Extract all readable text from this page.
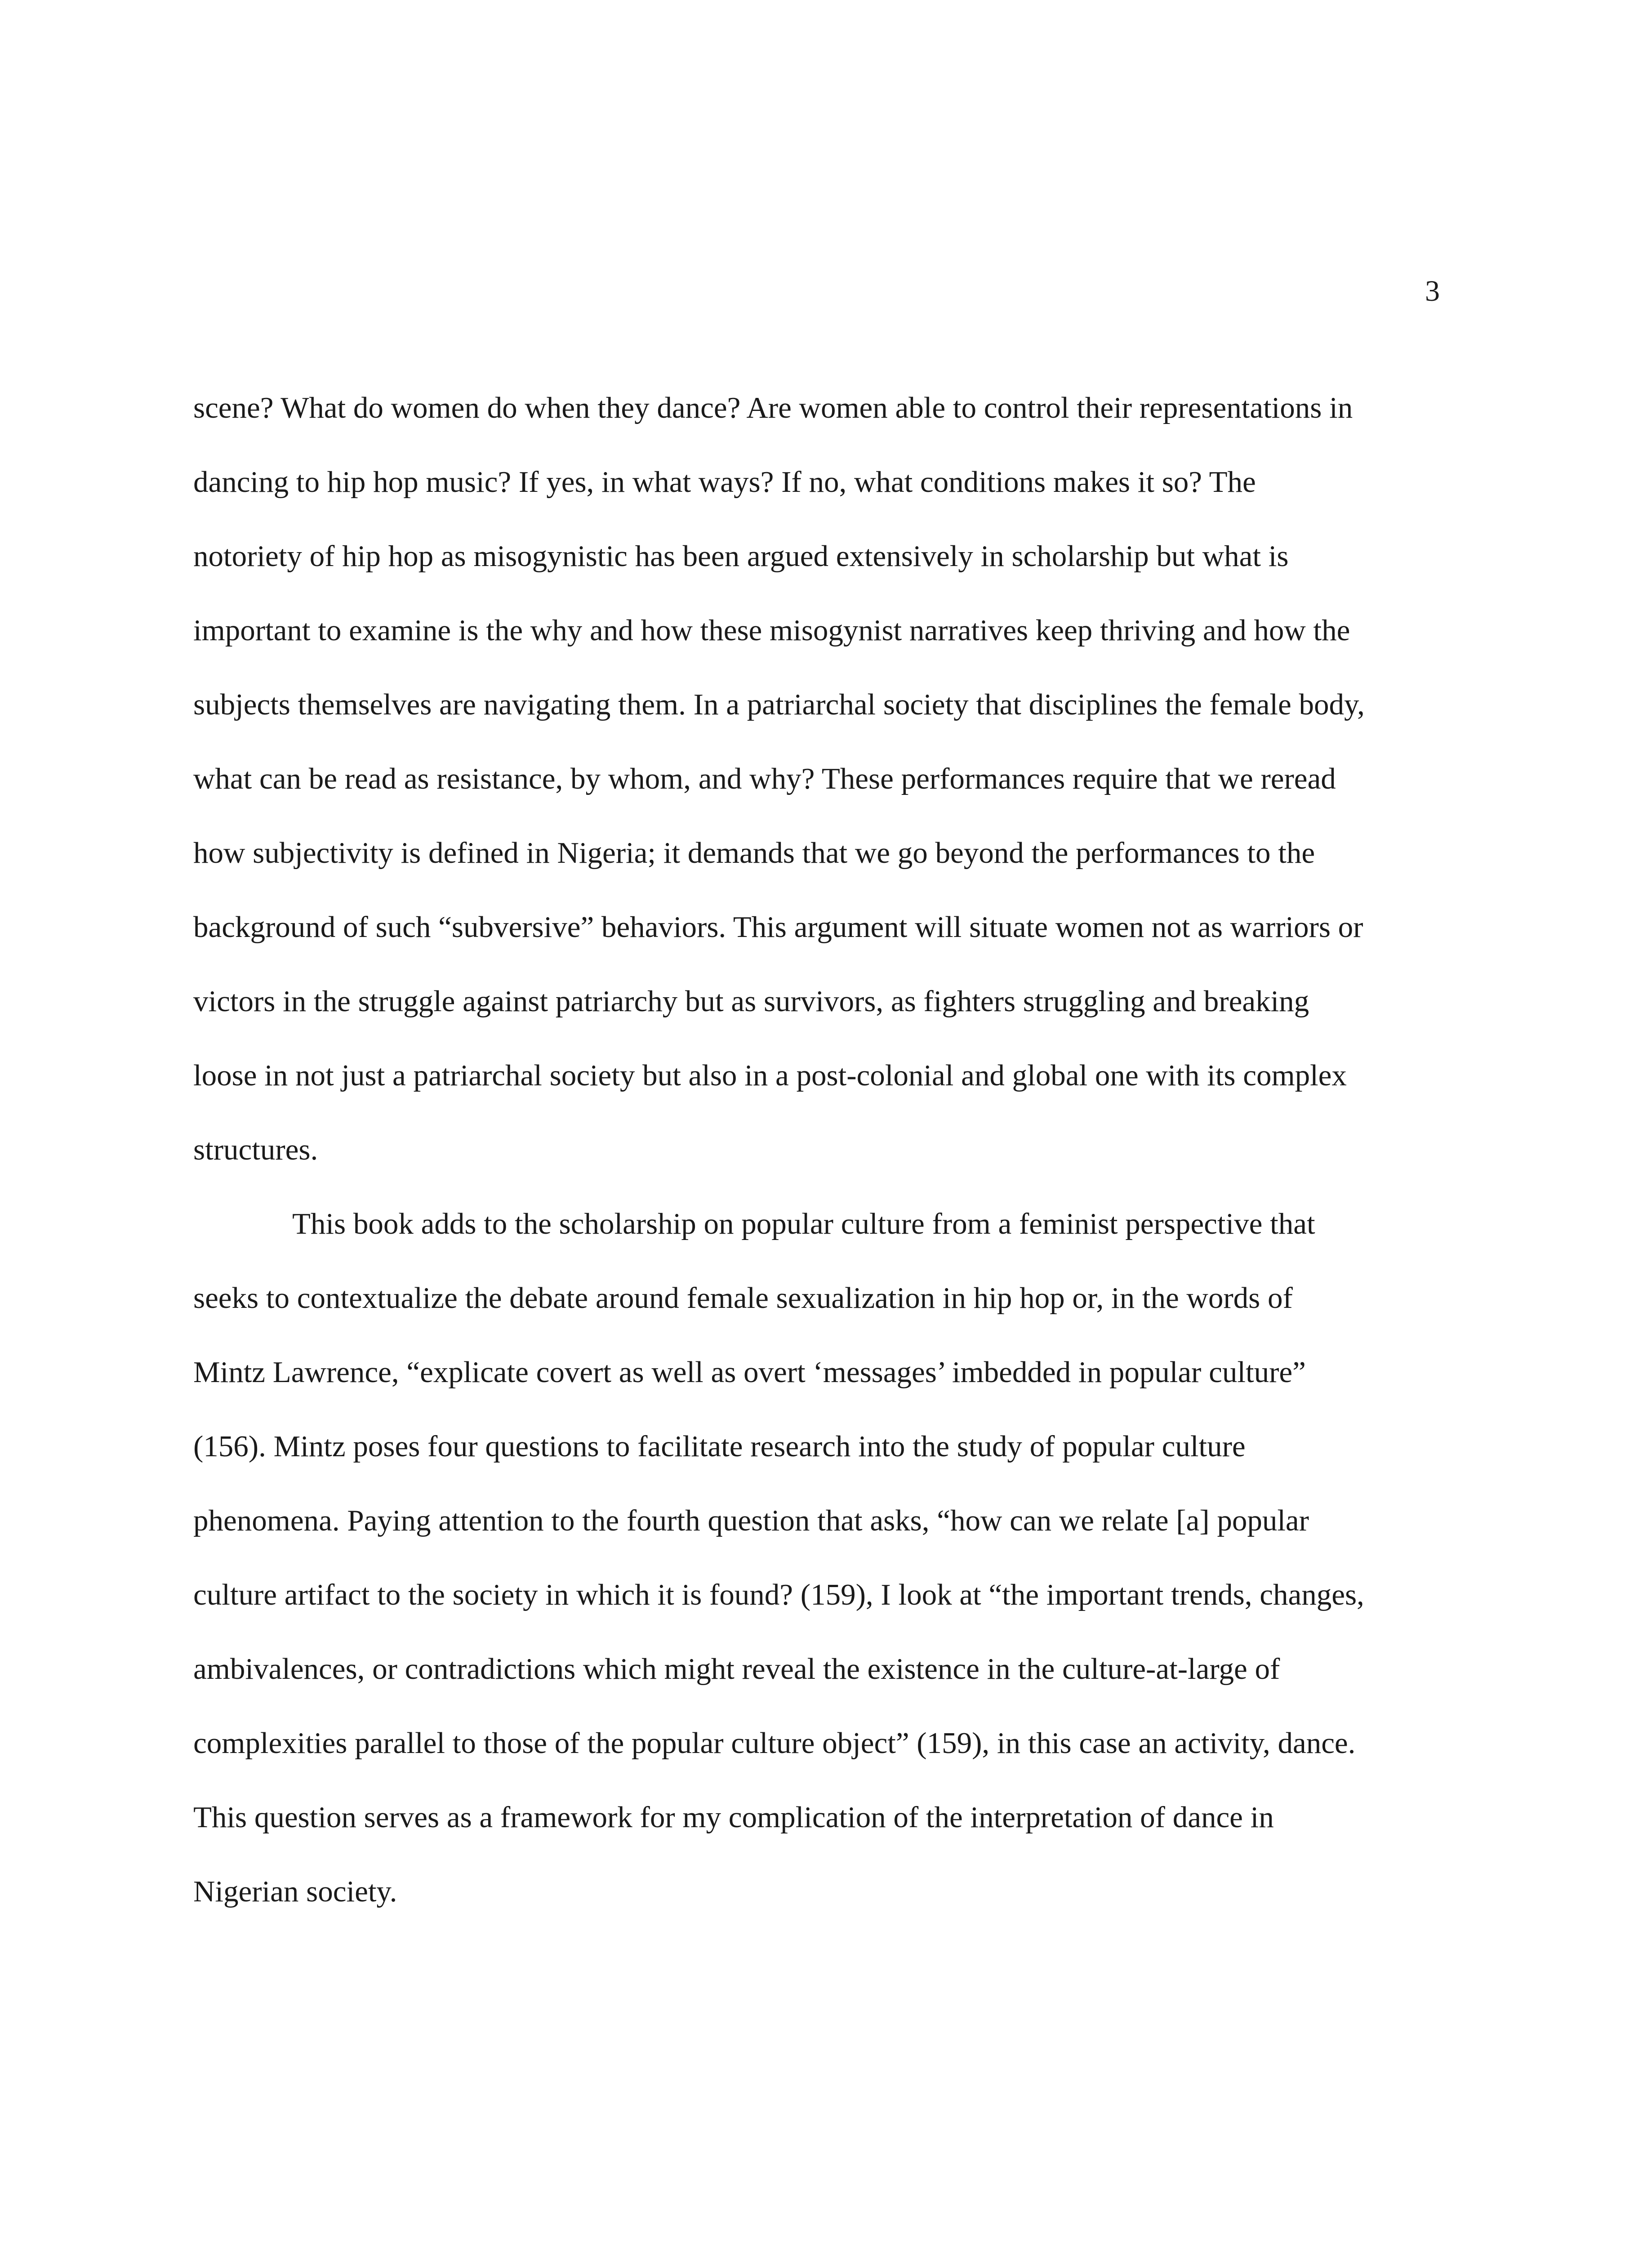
3
scene? What do women do when they dance? Are women able to control their representations in
dancing to hip hop music? If yes, in what ways? If no, what conditions makes it so? The
notoriety of hip hop as misogynistic has been argued extensively in scholarship but what is
important to examine is the why and how these misogynist narratives keep thriving and how the
subjects themselves are navigating them. In a patriarchal society that disciplines the female body,
what can be read as resistance, by whom, and why? These performances require that we reread
how subjectivity is defined in Nigeria; it demands that we go beyond the performances to the
background of such “subversive” behaviors. This argument will situate women not as warriors or
victors in the struggle against patriarchy but as survivors, as fighters struggling and breaking
loose in not just a patriarchal society but also in a post-colonial and global one with its complex
structures.
This book adds to the scholarship on popular culture from a feminist perspective that
seeks to contextualize the debate around female sexualization in hip hop or, in the words of
Mintz Lawrence, “explicate covert as well as overt ‘messages’ imbedded in popular culture”
(156). Mintz poses four questions to facilitate research into the study of popular culture
phenomena. Paying attention to the fourth question that asks, “how can we relate [a] popular
culture artifact to the society in which it is found? (159), I look at “the important trends, changes,
ambivalences, or contradictions which might reveal the existence in the culture-at-large of
complexities parallel to those of the popular culture object” (159), in this case an activity, dance.
This question serves as a framework for my complication of the interpretation of dance in
Nigerian society.
